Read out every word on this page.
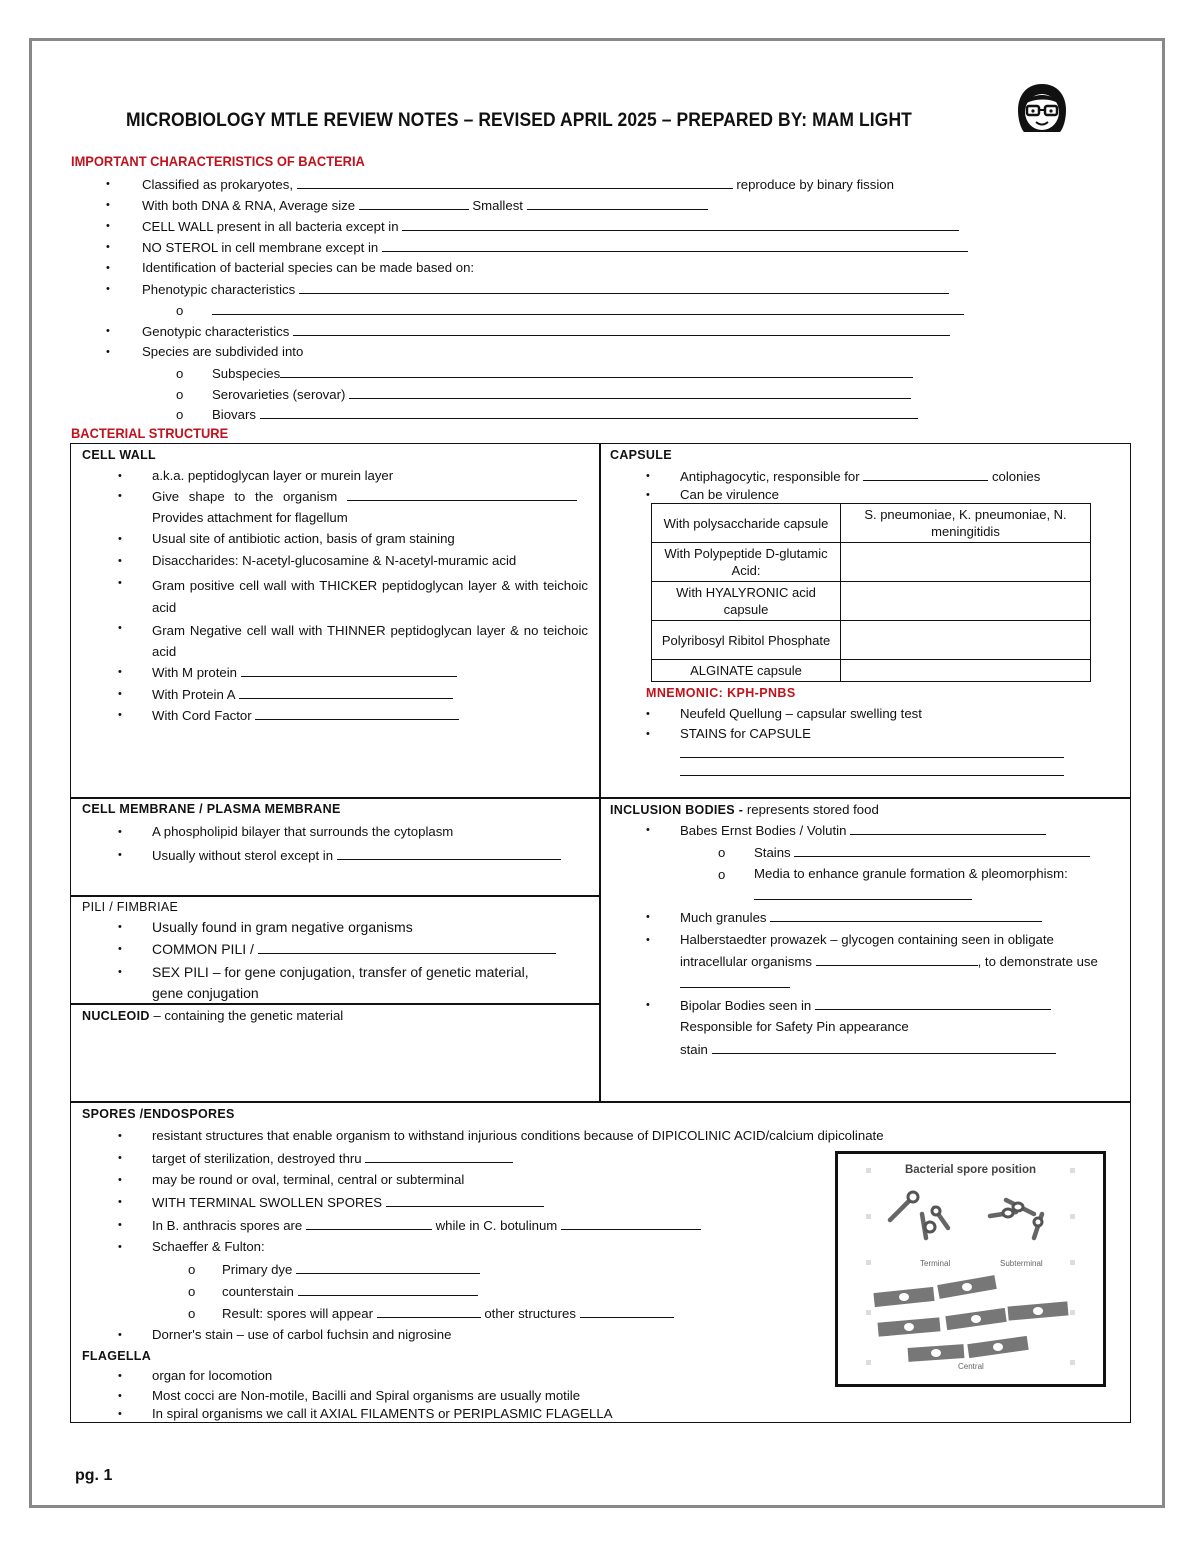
MICROBIOLOGY MTLE REVIEW NOTES – REVISED APRIL 2025 – PREPARED BY: MAM LIGHT
IMPORTANT CHARACTERISTICS OF BACTERIA
• Classified as prokaryotes,	reproduce by binary fission
• With both DNA & RNA, Average size	Smallest
• CELL WALL present in all bacteria except in
• NO STEROL in cell membrane except in
• Identification of bacterial species can be made based on:
• Phenotypic characteristics
o
• Genotypic characteristics
• Species are subdivided into
o Subspecies
o Serovarieties (serovar)
o Biovars
BACTERIAL STRUCTURE
CELL WALL
• a.k.a. peptidoglycan layer or murein layer
• Give shape to the organism
Provides attachment for flagellum
• Usual site of antibiotic action, basis of gram staining
• Disaccharides: N-acetyl-glucosamine & N-acetyl-muramic acid
• Gram positive cell wall with THICKER peptidoglycan layer & with teichoic acid
• Gram Negative cell wall with THINNER peptidoglycan layer & no teichoic acid
• With M protein
• With Protein A
• With Cord Factor
CAPSULE
• Antiphagocytic, responsible for	colonies
• Can be virulence
With polysaccharide capsule	S. pneumoniae, K. pneumoniae, N. meningitidis
With Polypeptide D-glutamic Acid:	
With HYALYRONIC acid capsule	
Polyribosyl Ribitol Phosphate	
ALGINATE capsule	
MNEMONIC: KPH-PNBS
• Neufeld Quellung – capsular swelling test
• STAINS for CAPSULE
CELL MEMBRANE / PLASMA MEMBRANE
• A phospholipid bilayer that surrounds the cytoplasm
• Usually without sterol except in
PILI / FIMBRIAE
• Usually found in gram negative organisms
• COMMON PILI /
• SEX PILI – for gene conjugation, transfer of genetic material,
gene conjugation
NUCLEOID – containing the genetic material
INCLUSION BODIES - represents stored food
• Babes Ernst Bodies / Volutin
o Stains
o Media to enhance granule formation & pleomorphism:
• Much granules
• Halberstaedter prowazek – glycogen containing seen in obligate
intracellular organisms	, to demonstrate use
• Bipolar Bodies seen in
Responsible for Safety Pin appearance
stain
SPORES /ENDOSPORES
• resistant structures that enable organism to withstand injurious conditions because of DIPICOLINIC ACID/calcium dipicolinate
• target of sterilization, destroyed thru
• may be round or oval, terminal, central or subterminal
• WITH TERMINAL SWOLLEN SPORES
• In B. anthracis spores are	while in C. botulinum
• Schaeffer & Fulton:
o Primary dye
o counterstain
o Result: spores will appear	other structures
• Dorner's stain – use of carbol fuchsin and nigrosine
FLAGELLA
• organ for locomotion
• Most cocci are Non-motile, Bacilli and Spiral organisms are usually motile
• In spiral organisms we call it AXIAL FILAMENTS or PERIPLASMIC FLAGELLA
Bacterial spore position
Terminal	Subterminal
Central
pg. 1
